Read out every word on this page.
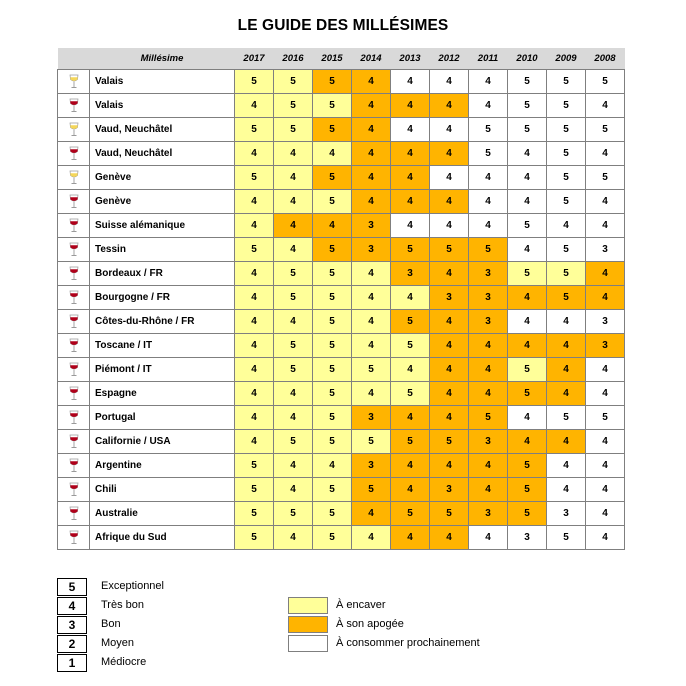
LE GUIDE DES MILLÉSIMES
	Millésime	2017	2016	2015	2014	2013	2012	2011	2010	2009	2008
	Valais	5	5	5	4	4	4	4	5	5	5
	Valais	4	5	5	4	4	4	4	5	5	4
	Vaud, Neuchâtel	5	5	5	4	4	4	5	5	5	5
	Vaud, Neuchâtel	4	4	4	4	4	4	5	4	5	4
	Genève	5	4	5	4	4	4	4	4	5	5
	Genève	4	4	5	4	4	4	4	4	5	4
	Suisse alémanique	4	4	4	3	4	4	4	5	4	4
	Tessin	5	4	5	3	5	5	5	4	5	3
	Bordeaux / FR	4	5	5	4	3	4	3	5	5	4
	Bourgogne / FR	4	5	5	4	4	3	3	4	5	4
	Côtes-du-Rhône / FR	4	4	5	4	5	4	3	4	4	3
	Toscane / IT	4	5	5	4	5	4	4	4	4	3
	Piémont / IT	4	5	5	5	4	4	4	5	4	4
	Espagne	4	4	5	4	5	4	4	5	4	4
	Portugal	4	4	5	3	4	4	5	4	5	5
	Californie / USA	4	5	5	5	5	5	3	4	4	4
	Argentine	5	4	4	3	4	4	4	5	4	4
	Chili	5	4	5	5	4	3	4	5	4	4
	Australie	5	5	5	4	5	5	3	5	3	4
	Afrique du Sud	5	4	5	4	4	4	4	3	5	4
5	Exceptionnel
4	Très bon
3	Bon
2	Moyen
1	Médiocre
À encaver
À son apogée
À consommer prochainement
